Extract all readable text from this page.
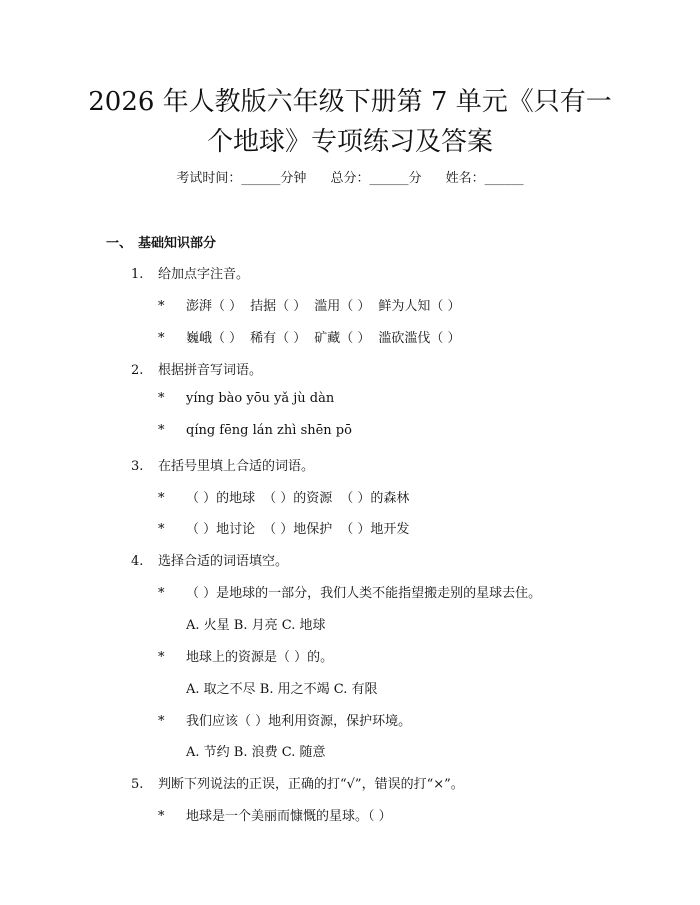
2026 年人教版六年级下册第 7 单元《只有一
个地球》专项练习及答案
考试时间：______分钟 总分：______分 姓名：______
一、 基础知识部分
1. 给加点字注音。
* 澎湃（ ） 拮据（ ） 滥用（ ） 鲜为人知（ ）
* 巍峨（ ） 稀有（ ） 矿藏（ ） 滥砍滥伐（ ）
2. 根据拼音写词语。
* yíng bào yōu yǎ jù dàn
* qíng fēng lán zhì shēn pō
3. 在括号里填上合适的词语。
* （ ）的地球 （ ）的资源 （ ）的森林
* （ ）地讨论 （ ）地保护 （ ）地开发
4. 选择合适的词语填空。
* （ ）是地球的一部分，我们人类不能指望搬走别的星球去住。
A. 火星 B. 月亮 C. 地球
* 地球上的资源是（ ）的。
A. 取之不尽 B. 用之不竭 C. 有限
* 我们应该（ ）地利用资源，保护环境。
A. 节约 B. 浪费 C. 随意
5. 判断下列说法的正误，正确的打“√”，错误的打“×”。
* 地球是一个美丽而慷慨的星球。（ ）
